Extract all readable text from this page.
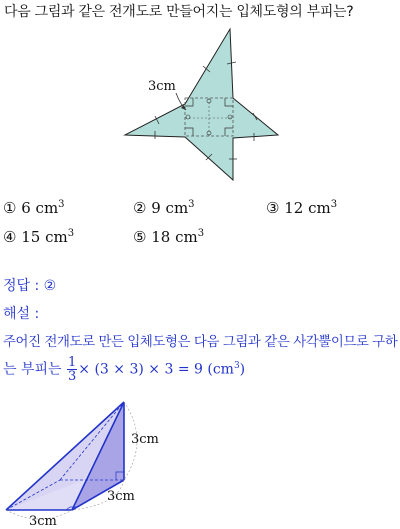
다음 그림과 같은 전개도로 만들어지는 입체도형의 부피는?
3cm
① 6 $cm^3$	② 9 $cm^3$	③ 12 $cm^3$
④ 15 $cm^3$	⑤ 18 $cm^3$
정답 : ②
해설 :
주어진 전개도로 만든 입체도형은 다음 그림과 같은 사각뿔이므로 구하
는 부피는 $\frac{1}{3} \times (3 \times 3) \times 3 = 9$ $(cm^3)$
3cm
3cm
3cm
